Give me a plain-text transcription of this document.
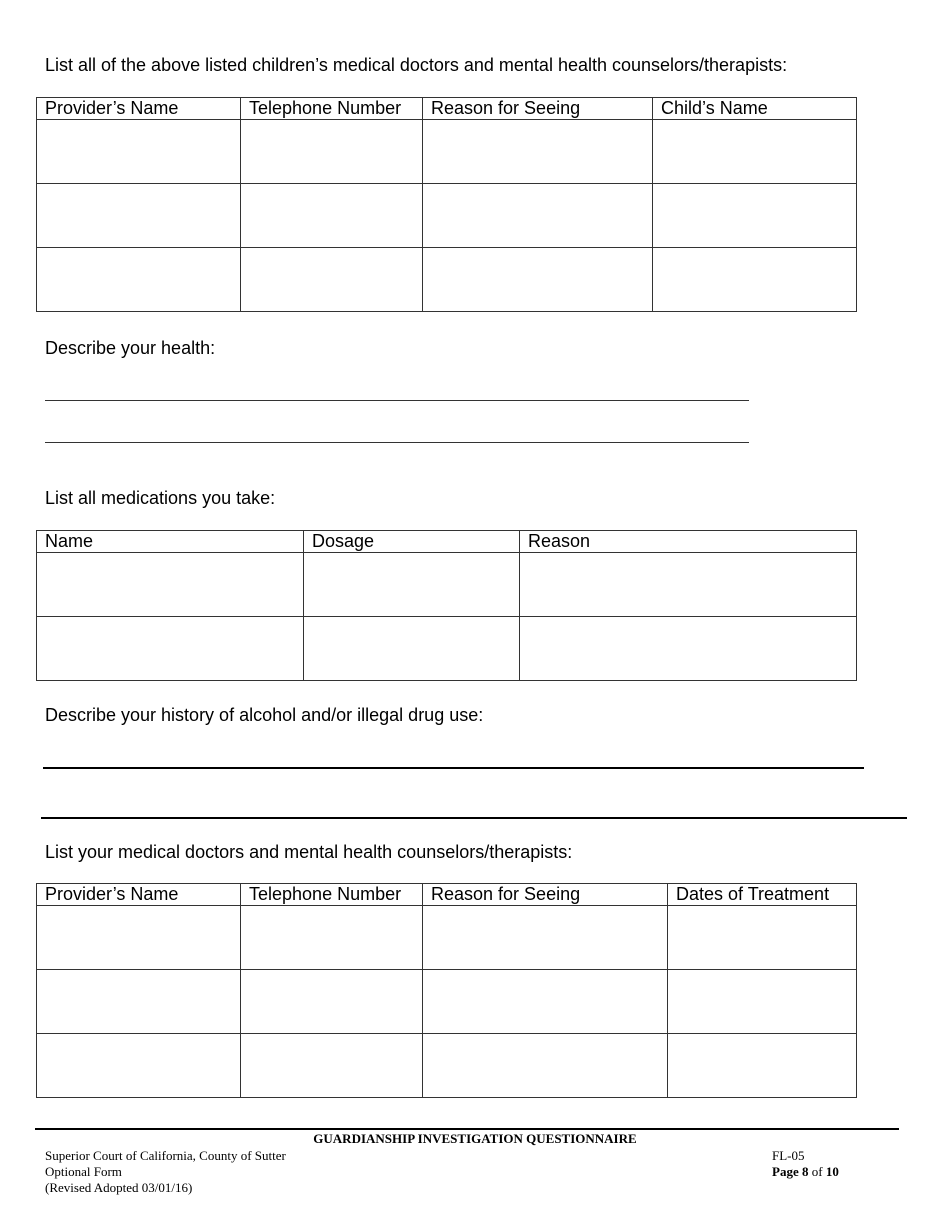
List all of the above listed children’s medical doctors and mental health counselors/therapists:
Provider’s Name	Telephone Number	Reason for Seeing	Child’s Name

Describe your health:
List all medications you take:
Name	Dosage	Reason

Describe your history of alcohol and/or illegal drug use:
List your medical doctors and mental health counselors/therapists:
Provider’s Name	Telephone Number	Reason for Seeing	Dates of Treatment

GUARDIANSHIP INVESTIGATION QUESTIONNAIRE
Superior Court of California, County of Sutter
Optional Form
(Revised Adopted 03/01/16)
FL-05
Page 8 of 10
